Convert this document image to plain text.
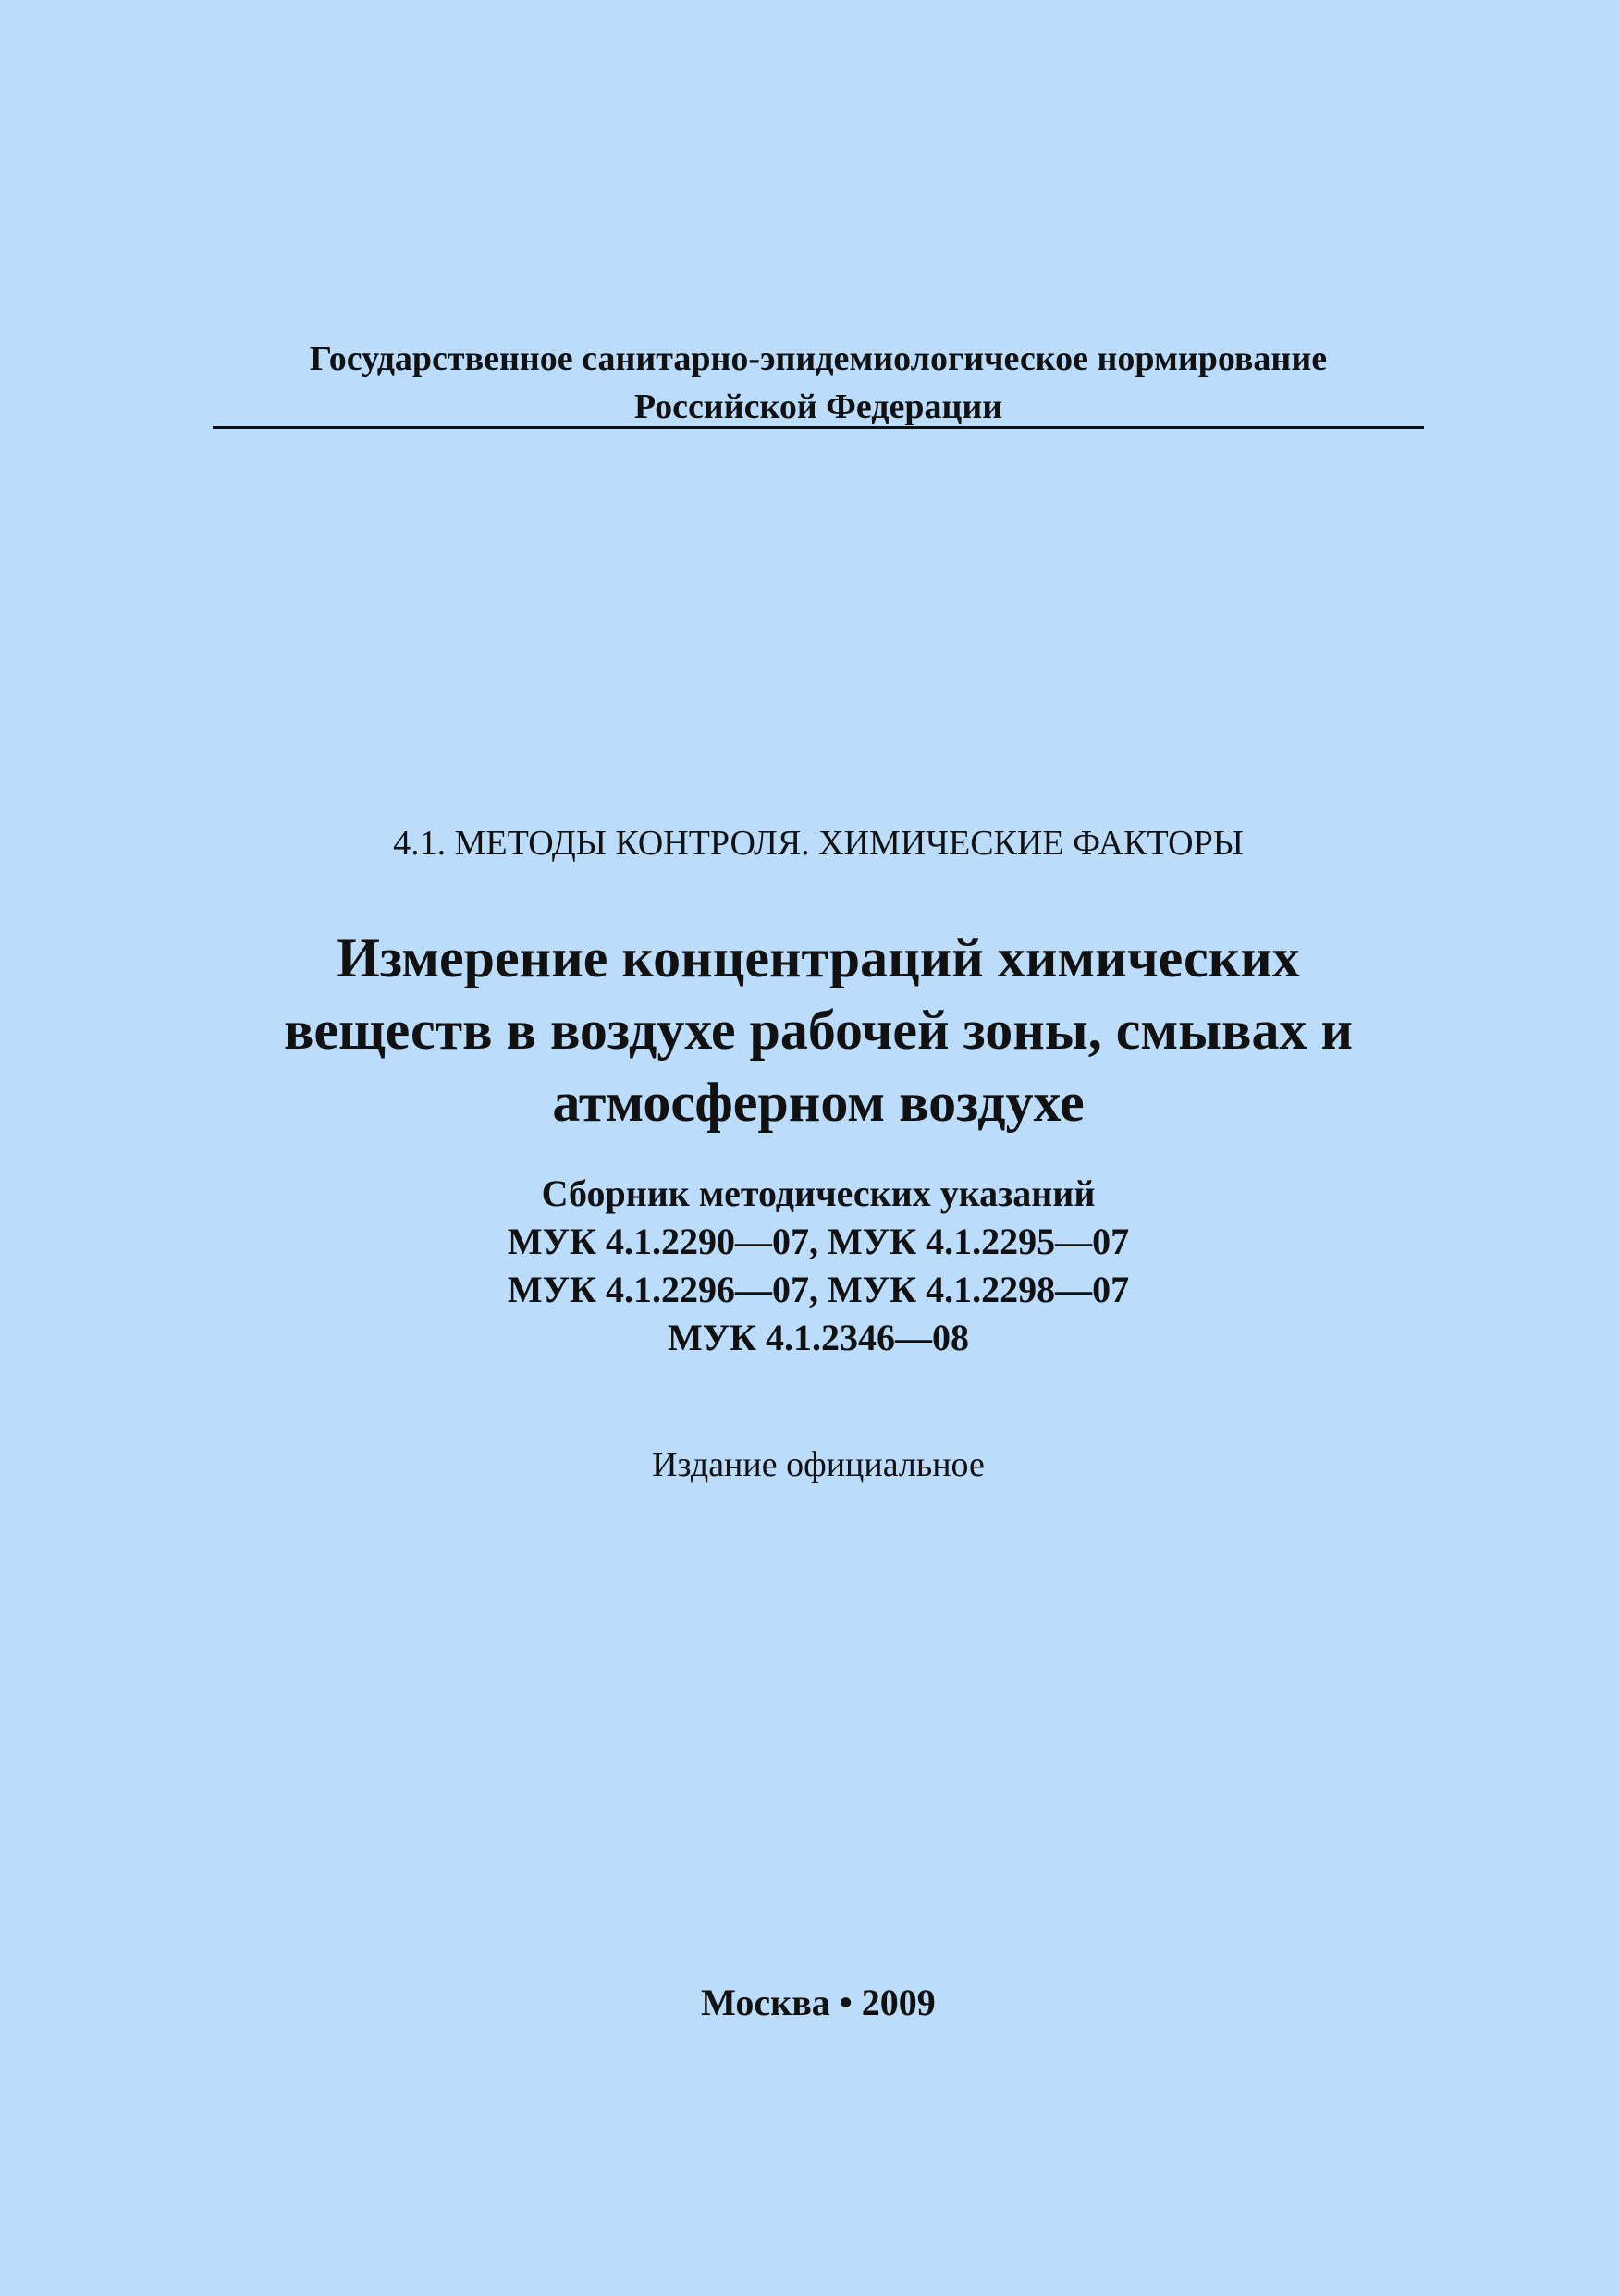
Государственное санитарно-эпидемиологическое нормирование
Российской Федерации
4.1. МЕТОДЫ КОНТРОЛЯ. ХИМИЧЕСКИЕ ФАКТОРЫ
Измерение концентраций химических
веществ в воздухе рабочей зоны, смывах и
атмосферном воздухе
Сборник методических указаний
МУК 4.1.2290—07, МУК 4.1.2295—07
МУК 4.1.2296—07, МУК 4.1.2298—07
МУК 4.1.2346—08
Издание официальное
Москва • 2009
